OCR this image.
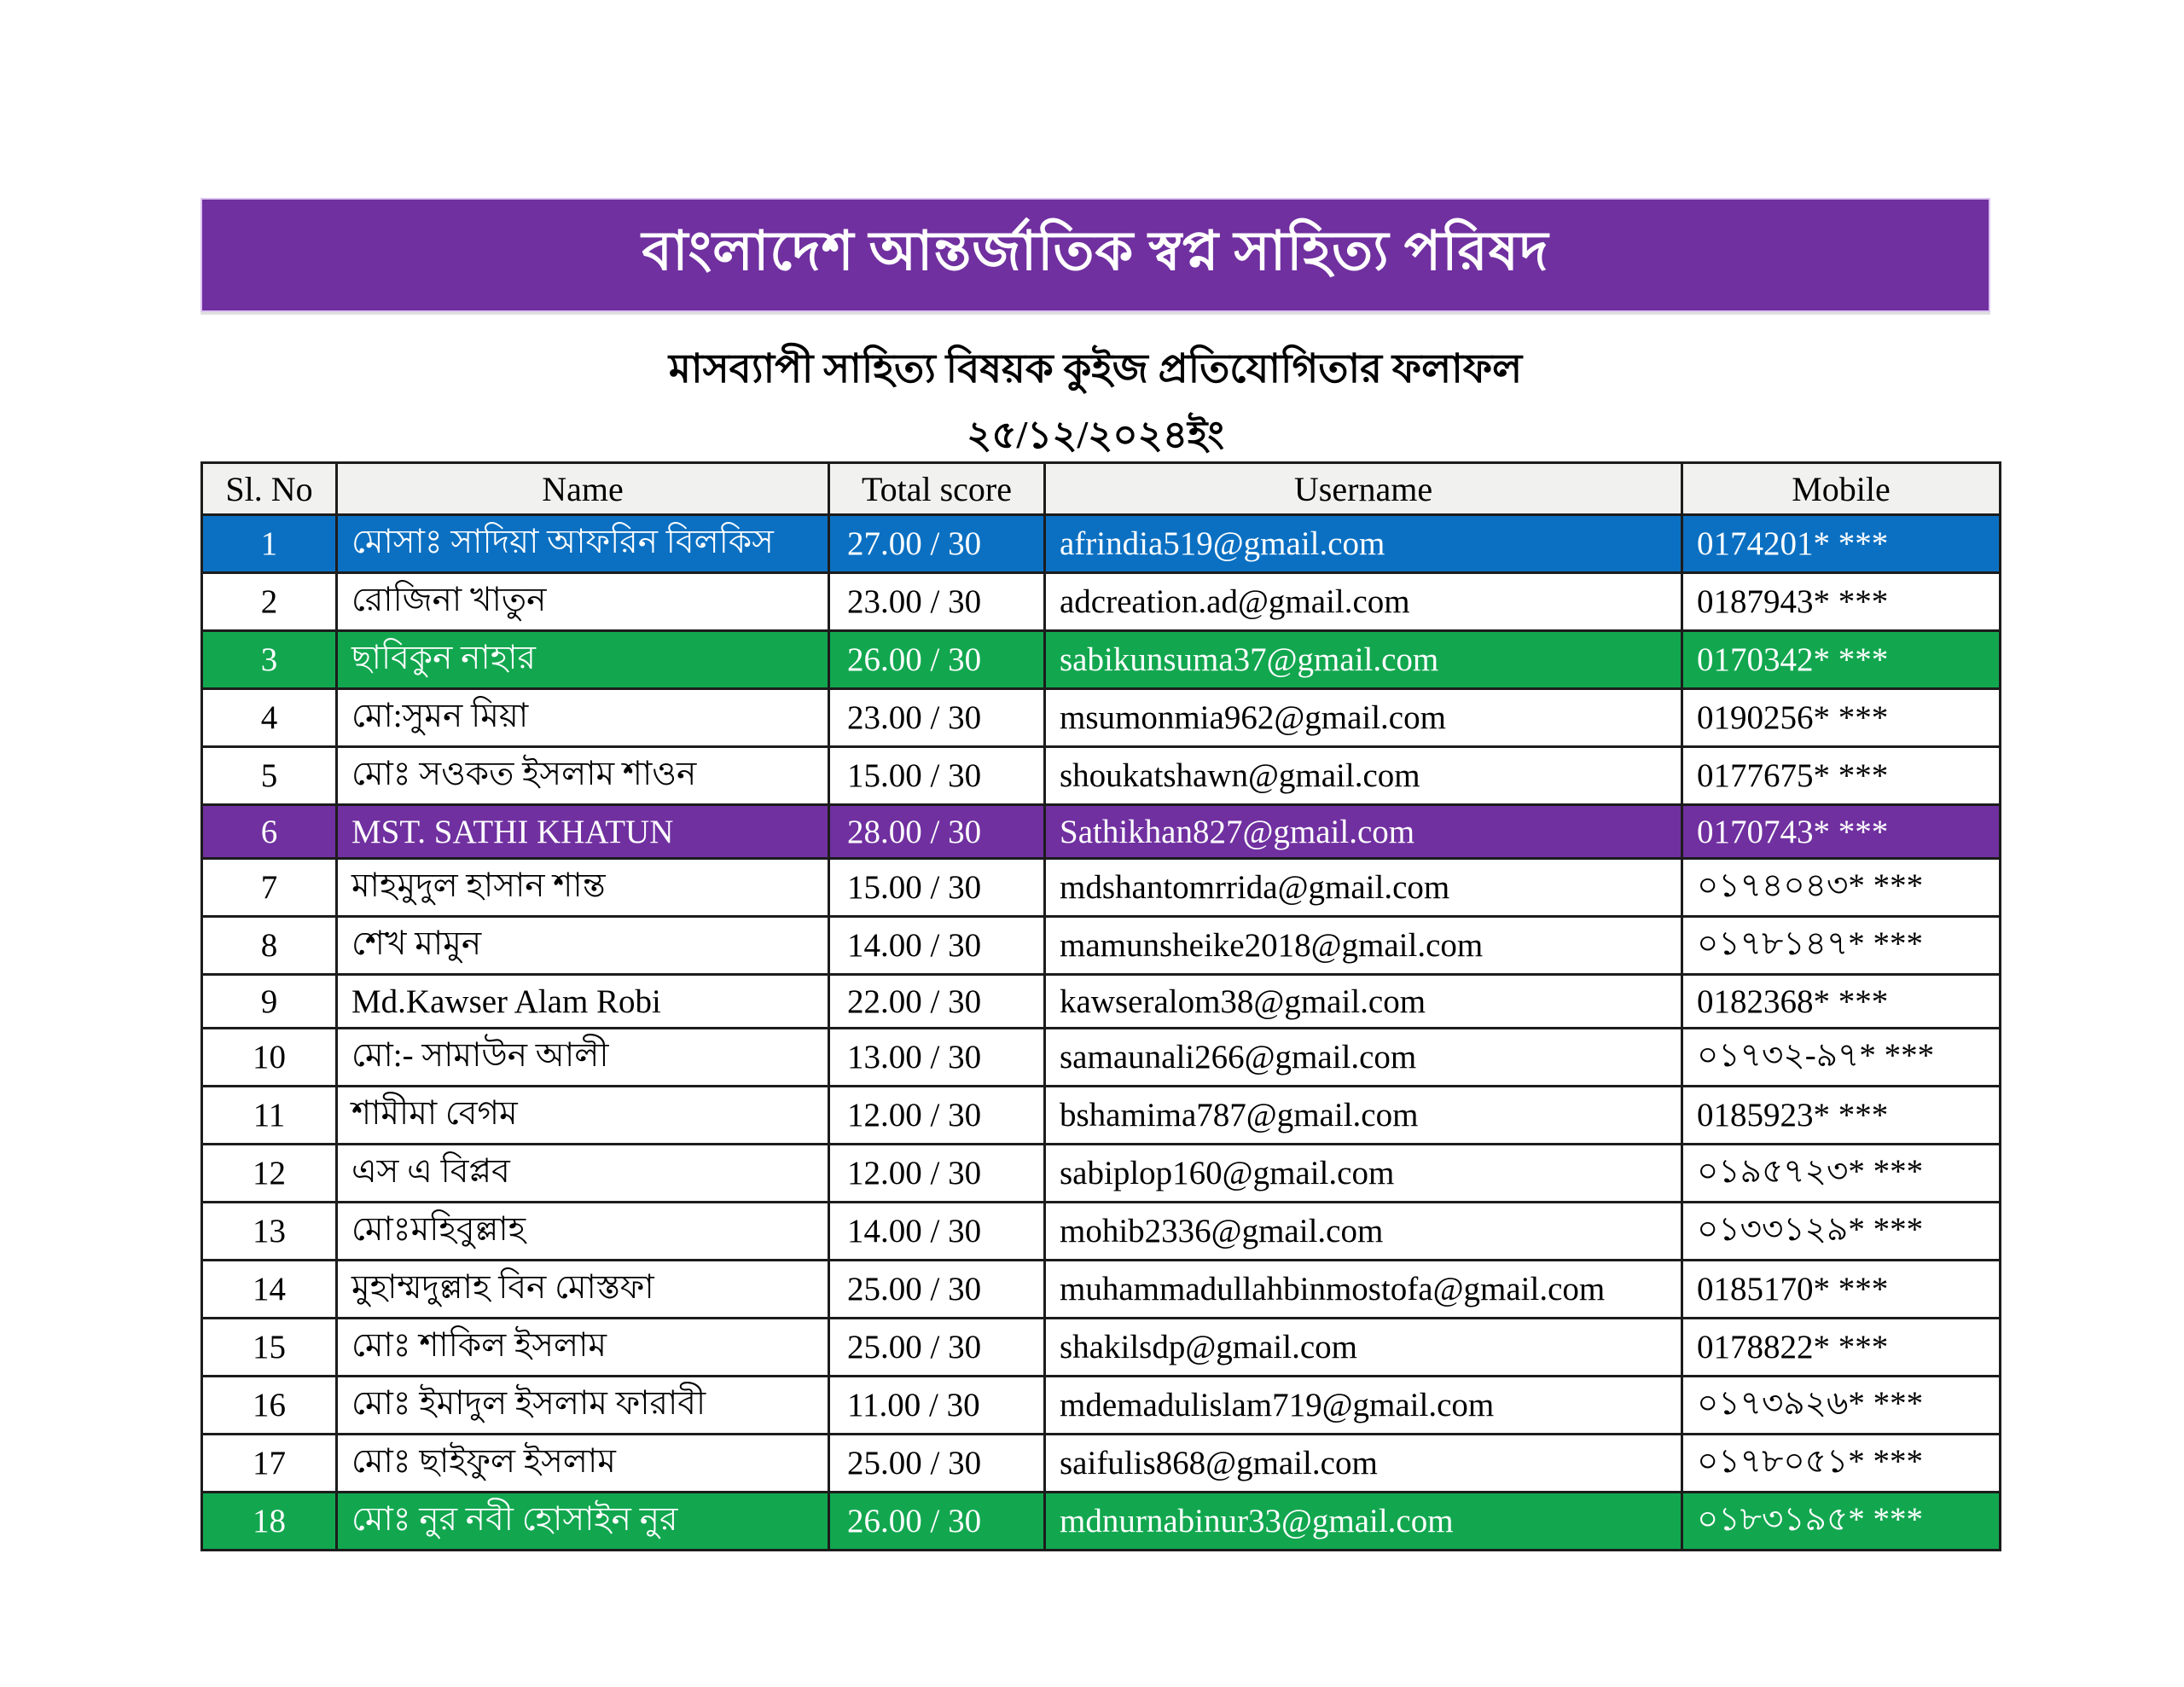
বাংলাদেশ আন্তর্জাতিক স্বপ্ন সাহিত্য পরিষদ
মাসব্যাপী সাহিত্য বিষয়ক কুইজ প্রতিযোগিতার ফলাফল
২৫/১২/২০২৪ইং
Sl. No	Name	Total score	Username	Mobile
1	মোসাঃ সাদিয়া আফরিন বিলকিস	27.00 / 30	afrindia519@gmail.com	0174201* ***
2	রোজিনা খাতুন	23.00 / 30	adcreation.ad@gmail.com	0187943* ***
3	ছাবিকুন নাহার	26.00 / 30	sabikunsuma37@gmail.com	0170342* ***
4	মো:সুমন মিয়া	23.00 / 30	msumonmia962@gmail.com	0190256* ***
5	মোঃ সওকত ইসলাম শাওন	15.00 / 30	shoukatshawn@gmail.com	0177675* ***
6	MST. SATHI KHATUN	28.00 / 30	Sathikhan827@gmail.com	0170743* ***
7	মাহমুদুল হাসান শান্ত	15.00 / 30	mdshantomrrida@gmail.com	০১৭৪০৪৩* ***
8	শেখ মামুন	14.00 / 30	mamunsheike2018@gmail.com	০১৭৮১৪৭* ***
9	Md.Kawser Alam Robi	22.00 / 30	kawseralom38@gmail.com	0182368* ***
10	মো:- সামাউন আলী	13.00 / 30	samaunali266@gmail.com	০১৭৩২-৯৭* ***
11	শামীমা বেগম	12.00 / 30	bshamima787@gmail.com	0185923* ***
12	এস এ বিপ্লব	12.00 / 30	sabiplop160@gmail.com	০১৯৫৭২৩* ***
13	মোঃমহিবুল্লাহ	14.00 / 30	mohib2336@gmail.com	০১৩৩১২৯* ***
14	মুহাম্মদুল্লাহ বিন মোস্তফা	25.00 / 30	muhammadullahbinmostofa@gmail.com	0185170* ***
15	মোঃ শাকিল ইসলাম	25.00 / 30	shakilsdp@gmail.com	0178822* ***
16	মোঃ ইমাদুল ইসলাম ফারাবী	11.00 / 30	mdemadulislam719@gmail.com	০১৭৩৯২৬* ***
17	মোঃ ছাইফুল ইসলাম	25.00 / 30	saifulis868@gmail.com	০১৭৮০৫১* ***
18	মোঃ নুর নবী হোসাইন নুর	26.00 / 30	mdnurnabinur33@gmail.com	০১৮৩১৯৫* ***
